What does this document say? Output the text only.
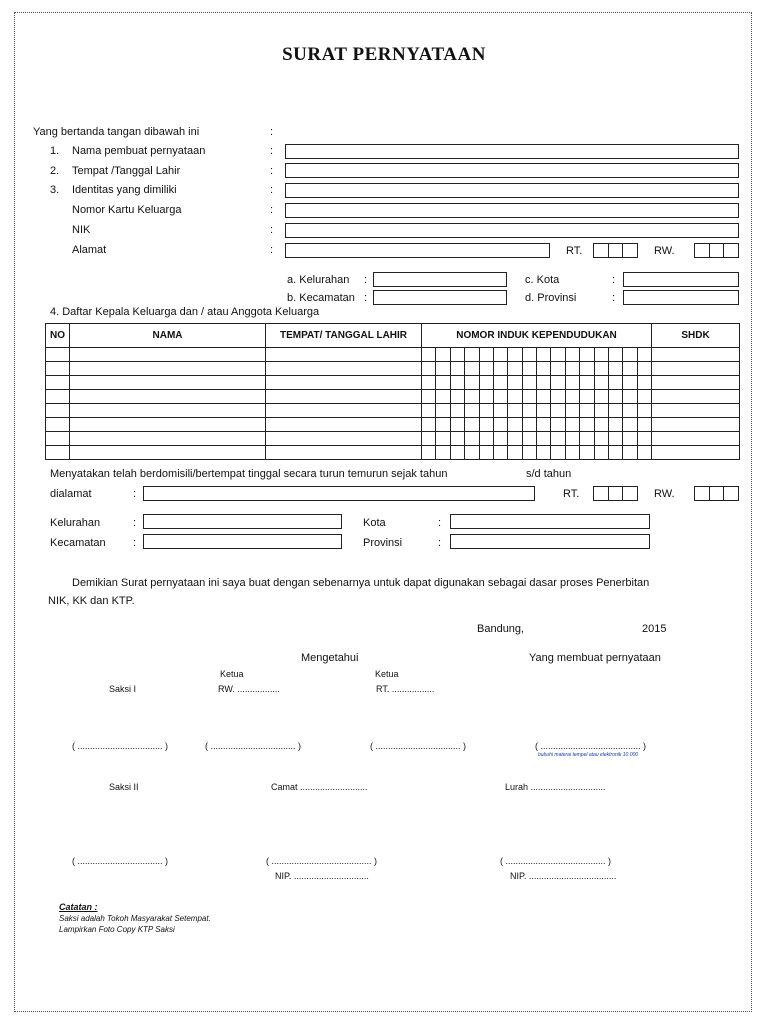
SURAT PERNYATAAN
Yang bertanda tangan dibawah ini	:
1. Nama pembuat pernyataan	:
2. Tempat /Tanggal Lahir	:
3. Identitas yang dimiliki	:
Nomor Kartu Keluarga	:
NIK	:
Alamat	:	RT.	RW.
a. Kelurahan :
b. Kecamatan :
c. Kota	:
d. Provinsi	:
4. Daftar Kepala Keluarga dan / atau Anggota Keluarga
NO	NAMA	TEMPAT/ TANGGAL LAHIR	NOMOR INDUK KEPENDUDUKAN	SHDK

Menyatakan telah berdomisili/bertempat tinggal secara turun temurun sejak tahun	s/d tahun
dialamat	:	RT.	RW.
Kelurahan	:
Kecamatan :
Kota	:
Provinsi	:
Demikian Surat pernyataan ini saya buat dengan sebenarnya untuk dapat digunakan sebagai dasar proses Penerbitan
NIK, KK dan KTP.
Bandung,	2015
Mengetahui	Yang membuat pernyataan
Ketua	Ketua
Saksi I	RW. .................	RT. .................
( .................................. )	( .................................. )	( .................................. )	( ........................................ )
bubuhi materai tempel atau elektronik 10.000
Saksi II	Camat ...........................	Lurah ..............................
( .................................. )	( ........................................ )	( ........................................ )
NIP. ..............................	NIP. ...................................
Catatan :
Saksi adalah Tokoh Masyarakat Setempat.
Lampirkan Foto Copy KTP Saksi
